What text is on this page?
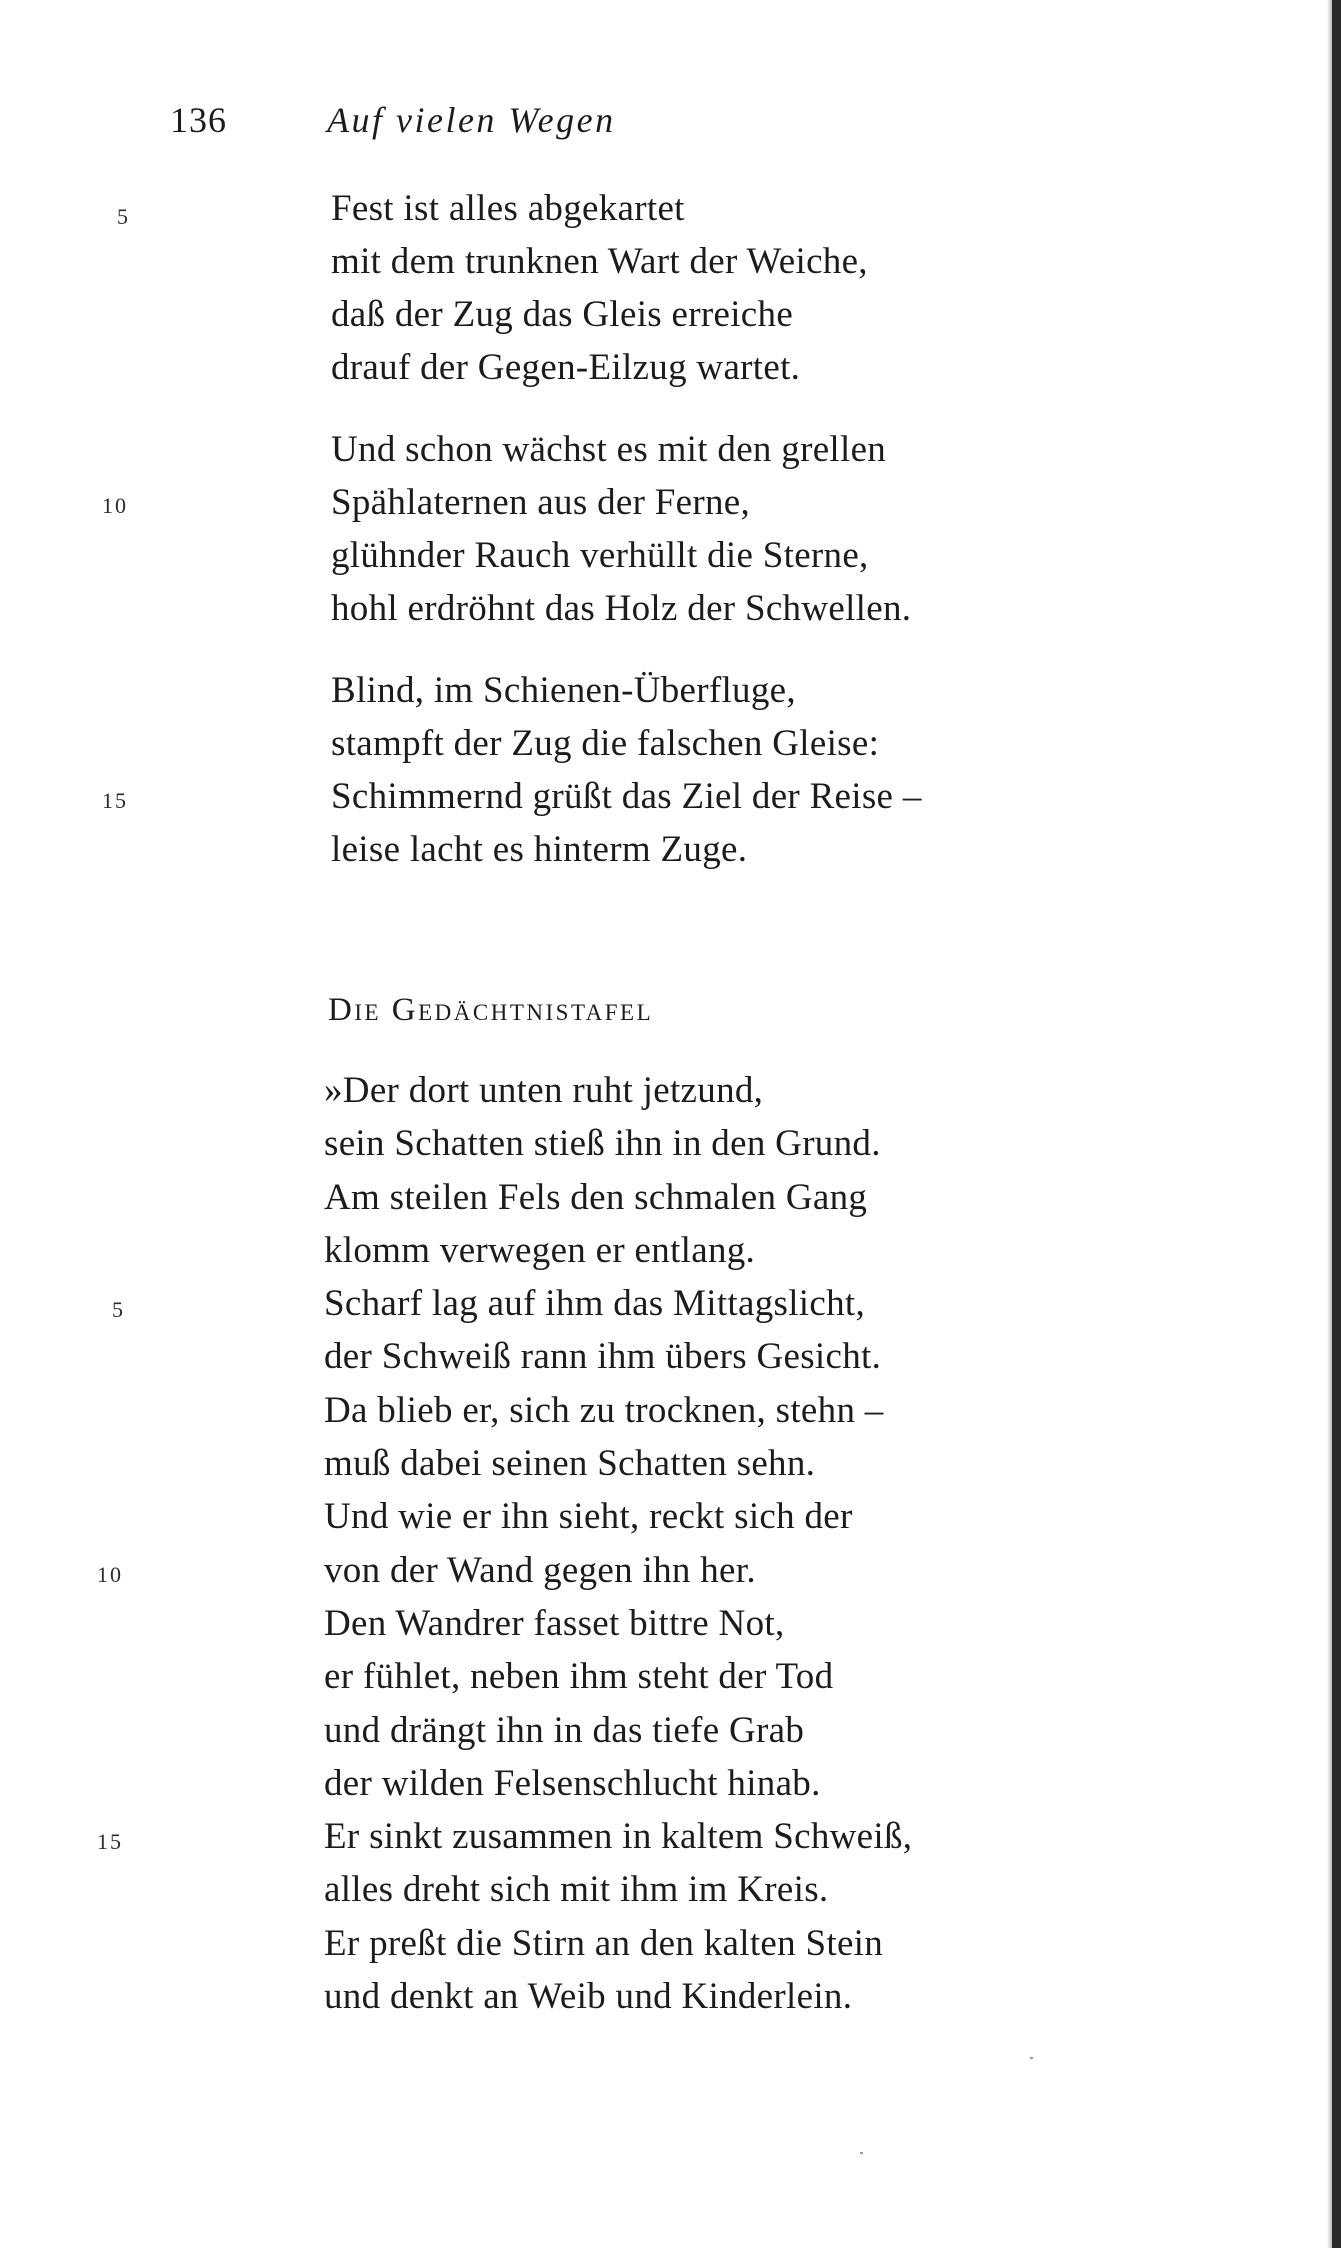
136	Auf vielen Wegen
5
10
15
Fest ist alles abgekartet
mit dem trunknen Wart der Weiche,
daß der Zug das Gleis erreiche
drauf der Gegen-Eilzug wartet.
Und schon wächst es mit den grellen
Spählaternen aus der Ferne,
glühnder Rauch verhüllt die Sterne,
hohl erdröhnt das Holz der Schwellen.
Blind, im Schienen-Überfluge,
stampft der Zug die falschen Gleise:
Schimmernd grüßt das Ziel der Reise –
leise lacht es hinterm Zuge.
Die Gedächtnistafel
5
10
15
»Der dort unten ruht jetzund,
sein Schatten stieß ihn in den Grund.
Am steilen Fels den schmalen Gang
klomm verwegen er entlang.
Scharf lag auf ihm das Mittagslicht,
der Schweiß rann ihm übers Gesicht.
Da blieb er, sich zu trocknen, stehn –
muß dabei seinen Schatten sehn.
Und wie er ihn sieht, reckt sich der
von der Wand gegen ihn her.
Den Wandrer fasset bittre Not,
er fühlet, neben ihm steht der Tod
und drängt ihn in das tiefe Grab
der wilden Felsenschlucht hinab.
Er sinkt zusammen in kaltem Schweiß,
alles dreht sich mit ihm im Kreis.
Er preßt die Stirn an den kalten Stein
und denkt an Weib und Kinderlein.
